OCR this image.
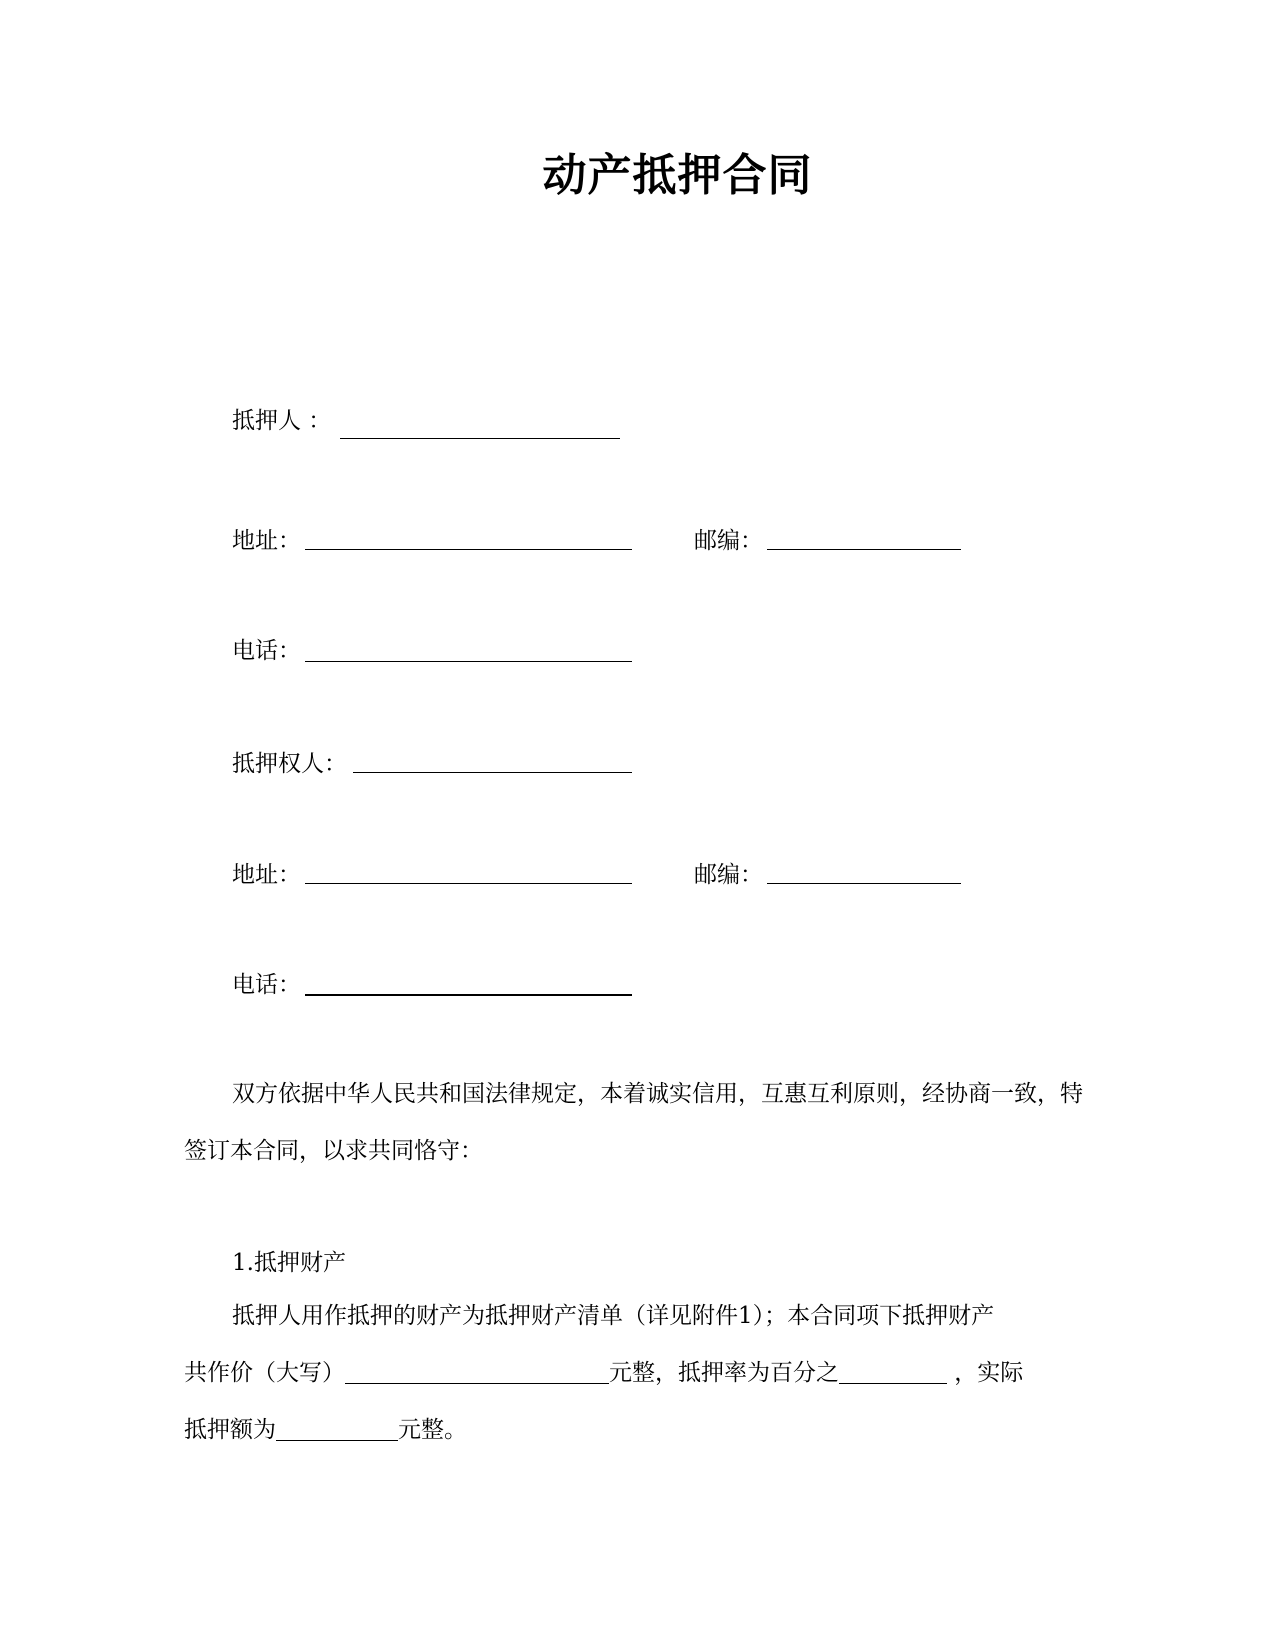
动产抵押合同
抵押人 ：
地址：	邮编：
电话：
抵押权人：
地址：	邮编：
电话：
双方依据中华人民共和国法律规定，本着诚实信用，互惠互利原则，经协商一致，特签订本合同，以求共同恪守：
1.抵押财产
抵押人用作抵押的财产为抵押财产清单（详见附件1）；本合同项下抵押财产
共作价（大写）	元整，抵押率为百分之	，实际
抵押额为	元整。
